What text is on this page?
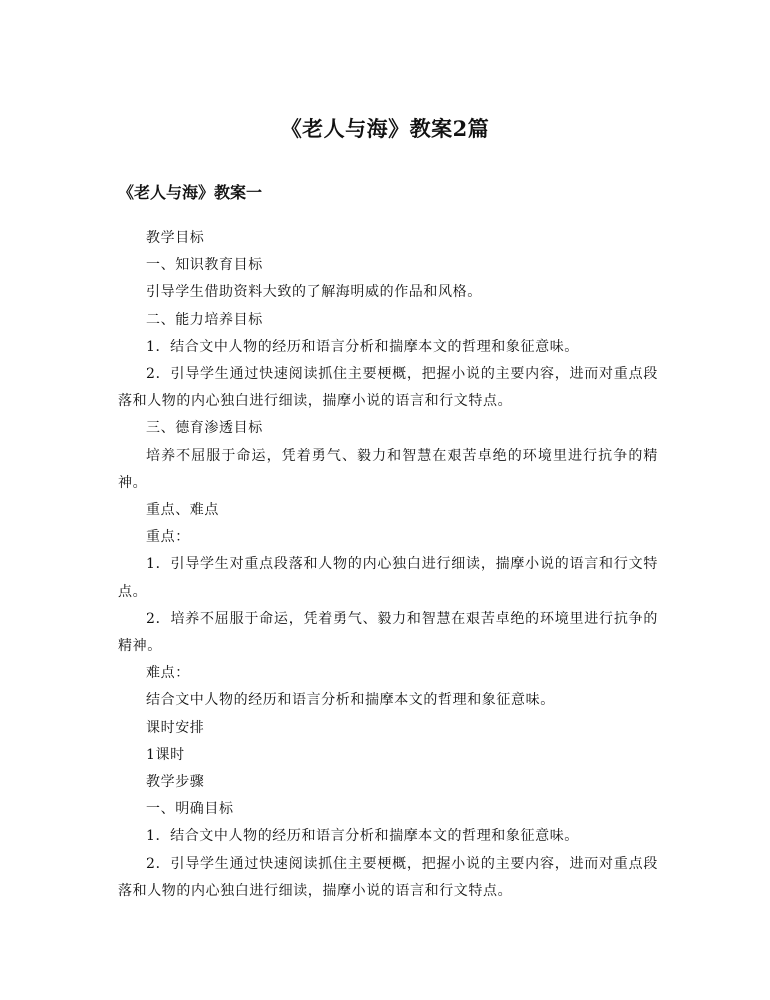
《老人与海》教案2篇
《老人与海》教案一

教学目标

一、知识教育目标

引导学生借助资料大致的了解海明威的作品和风格。

二、能力培养目标

1．结合文中人物的经历和语言分析和揣摩本文的哲理和象征意味。

2．引导学生通过快速阅读抓住主要梗概，把握小说的主要内容，进而对重点段落和人物的内心独白进行细读，揣摩小说的语言和行文特点。

三、德育渗透目标

培养不屈服于命运，凭着勇气、毅力和智慧在艰苦卓绝的环境里进行抗争的精神。

重点、难点

重点：

1．引导学生对重点段落和人物的内心独白进行细读，揣摩小说的语言和行文特点。

2．培养不屈服于命运，凭着勇气、毅力和智慧在艰苦卓绝的环境里进行抗争的精神。

难点：

结合文中人物的经历和语言分析和揣摩本文的哲理和象征意味。

课时安排

1课时

教学步骤

一、明确目标

1．结合文中人物的经历和语言分析和揣摩本文的哲理和象征意味。

2．引导学生通过快速阅读抓住主要梗概，把握小说的主要内容，进而对重点段落和人物的内心独白进行细读，揣摩小说的语言和行文特点。
